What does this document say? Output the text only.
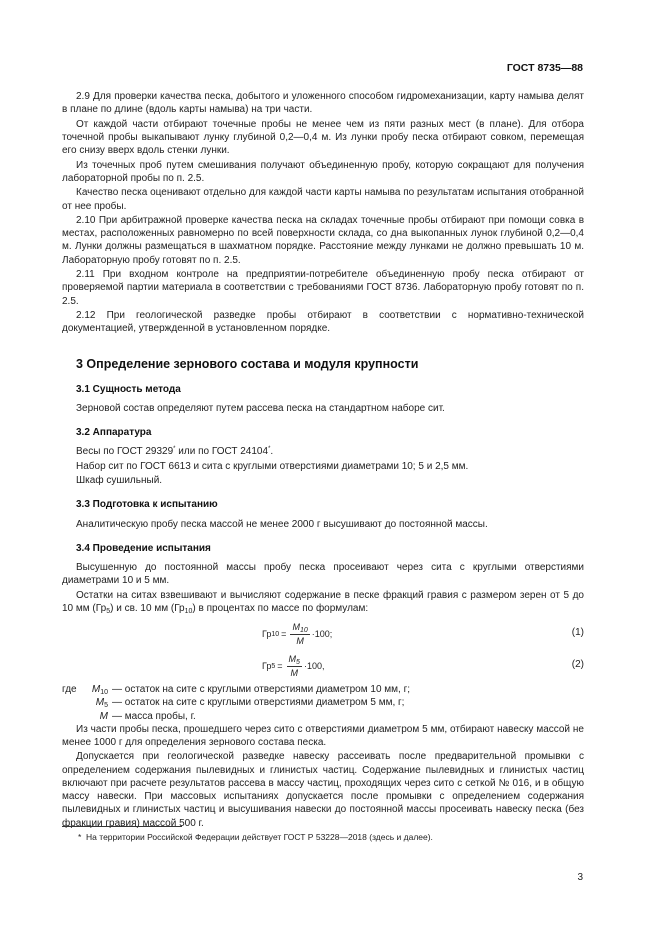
ГОСТ 8735—88

2.9 Для проверки качества песка, добытого и уложенного способом гидромеханизации, карту намыва делят в плане по длине (вдоль карты намыва) на три части.

От каждой части отбирают точечные пробы не менее чем из пяти разных мест (в плане). Для отбора точечной пробы выкапывают лунку глубиной 0,2—0,4 м. Из лунки пробу песка отбирают совком, перемещая его снизу вверх вдоль стенки лунки.

Из точечных проб путем смешивания получают объединенную пробу, которую сокращают для получения лабораторной пробы по п. 2.5.

Качество песка оценивают отдельно для каждой части карты намыва по результатам испытания отобранной от нее пробы.

2.10 При арбитражной проверке качества песка на складах точечные пробы отбирают при помощи совка в местах, расположенных равномерно по всей поверхности склада, со дна выкопанных лунок глубиной 0,2—0,4 м. Лунки должны размещаться в шахматном порядке. Расстояние между лунками не должно превышать 10 м. Лабораторную пробу готовят по п. 2.5.

2.11 При входном контроле на предприятии-потребителе объединенную пробу песка отбирают от проверяемой партии материала в соответствии с требованиями ГОСТ 8736. Лабораторную пробу готовят по п. 2.5.

2.12 При геологической разведке пробы отбирают в соответствии с нормативно-технической документацией, утвержденной в установленном порядке.

3 Определение зернового состава и модуля крупности

3.1 Сущность метода

Зерновой состав определяют путем рассева песка на стандартном наборе сит.

3.2 Аппаратура

Весы по ГОСТ 29329* или по ГОСТ 24104*.

Набор сит по ГОСТ 6613 и сита с круглыми отверстиями диаметрами 10; 5 и 2,5 мм.

Шкаф сушильный.

3.3 Подготовка к испытанию

Аналитическую пробу песка массой не менее 2000 г высушивают до постоянной массы.

3.4 Проведение испытания

Высушенную до постоянной массы пробу песка просеивают через сита с круглыми отверстиями диаметрами 10 и 5 мм.

Остатки на ситах взвешивают и вычисляют содержание в песке фракций гравия с размером зерен от 5 до 10 мм $(Гр_5)$ и св. 10 мм $(Гр_{10})$ в процентах по массе по формулам:

Гр $10 = \frac{M_{10}}{M} \cdot 100$;	(1)
Гр $5 = \frac{M_5}{M} \cdot 100$,	(2)
где	$M_{10}$ — остаток на сите с круглыми отверстиями диаметром 10 мм, г;
$M_5$ — остаток на сите с круглыми отверстиями диаметром 5 мм, г;
M — масса пробы, г.

Из части пробы песка, прошедшего через сито с отверстиями диаметром 5 мм, отбирают навеску массой не менее 1000 г для определения зернового состава песка.

Допускается при геологической разведке навеску рассеивать после предварительной промывки с определением содержания пылевидных и глинистых частиц. Содержание пылевидных и глинистых частиц включают при расчете результатов рассева в массу частиц, проходящих через сито с сеткой № 016, и в общую массу навески. При массовых испытаниях допускается после промывки с определением содержания пылевидных и глинистых частиц и высушивания навески до постоянной массы просеивать навеску песка (без фракции гравия) массой 500 г.

* На территории Российской Федерации действует ГОСТ Р 53228—2018 (здесь и далее).
3
